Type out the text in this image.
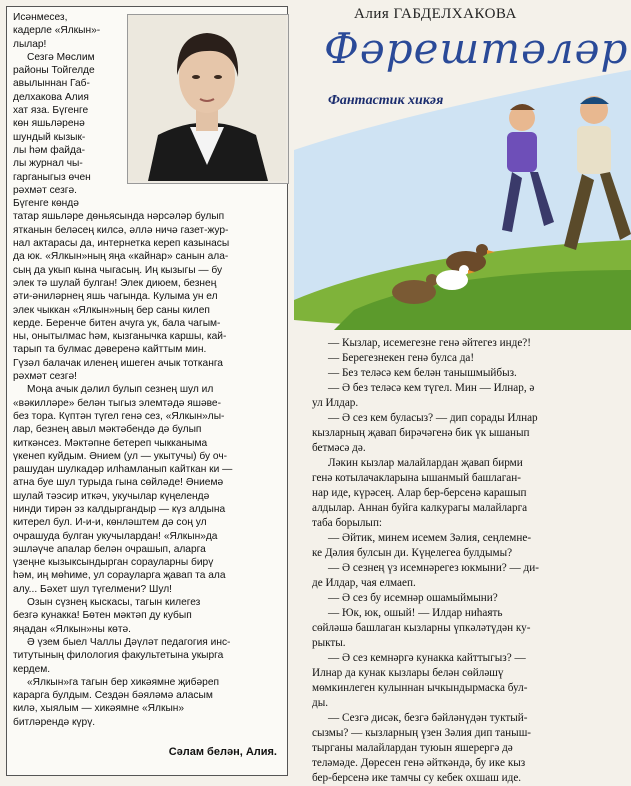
Исәнмесез,
кадерле «Ялкын»-
лылар!
Сезгә Мөслим
районы Тойгелде
авылыннан Габ-
делхакова Алия
хат яза. Бүгенге
көн яшьләренә
шундый кызык-
лы һәм файда-
лы журнал чы-
гарганыгыз өчен
рәхмәт сезгә.
Бүгенге көндә
татар яшьләре дөньясында нәрсәләр булып
ятканын беләсең килсә, әллә ничә газет-жур-
нал актарасы да, интернетка кереп казынасы
да юк. «Ялкын»ның яңа «кайнар» санын ала-
сың да укып кына чыгасың. Иң кызыгы — бу
элек тә шулай булган! Элек диюем, безнең
әти-әниләрнең яшь чагында. Кулыма ун ел
элек чыккан «Ялкын»ның бер саны килеп
керде. Беренче битен ачуга ук, бала чагым-
ны, онытылмас һәм, кызганычка каршы, кай-
тарып та булмас дәверенә кайттым мин.
Гүзәл балачак иленең ишеген ачык тотканга
рәхмәт сезгә!
Моңа ачык дәлил булып сезнең шул ил
«вәкилләре» белән тыгыз элемтәдә яшәве-
без тора. Күптән түгел генә сез, «Ялкын»лы-
лар, безнең авыл мәктәбендә дә булып
киткәнсез. Мәктәпне бетереп чыкканыма
үкенеп куйдым. Әнием (ул — укытучы) бу оч-
рашудан шулкадәр илһамланып кайткан ки —
атна буе шул турыда гына сөйләде! Әниемә
шулай тәэсир иткәч, укучылар күңелендә
нинди тирән эз калдыргандыр — күз алдына
китерел бул. И-и-и, көнләштем дә соң ул
очрашуда булган укучылардан! «Ялкын»да
эшләүче апалар белән очрашып, аларга
үзеңне кызыксындырган сорауларны бирү
һәм, иң мөһиме, ул сорауларга җавап та ала
алу... Бәхет шул түгелмени? Шул!
Озын сүзнең кыскасы, тагын килегез
безгә кунакка! Бөтен мәктәп ду кубып
яңадан «Ялкын»ны көтә.
Ә үзем быел Чаллы Дәүләт педагогия инс-
титутының филология факультетына укырга
кердем.
«Ялкын»га тагын бер хикәямне җибәреп
карарга булдым. Сездән бәяләмә аласым
килә, хыялым — хикәямне «Ялкын»
битләрендә күрү.
Сәлам белән, Алия.
Алия ГАБДЕЛХАКОВА
Фәрештәләр
Фантастик хикәя
— Кызлар, исемегезне генә әйтегез инде?!
— Берегезнекен генә булса да!
— Без теләсә кем белән танышмыйбыз.
— Ә без теләсә кем түгел. Мин — Илнар, ә
ул Илдар.
— Ә сез кем буласыз? — дип сорады Илнар
кызларның җавап бирәчәгенә бик үк ышанып
бетмәсә дә.
Ләкин кызлар малайлардан җавап бирми
генә котылачакларына ышанмый башлаган-
нар иде, күрәсең. Алар бер-берсенә карашып
алдылар. Аннан буйга калкурагы малайларга
таба борылып:
— Әйтик, минем исемем Зәлия, сеңлемне-
ке Дәлия булсын ди. Күңелегеа булдымы?
— Ә сезнең үз исемнәрегез юкмыни? — ди-
де Илдар, чая елмаеп.
— Ә сез бу исемнәр ошамыймыни?
— Юк, юк, ошый! — Илдар ниһаять
сөйләшә башлаган кызларны үпкәләтүдән ку-
рыкты.
— Ә сез кемнәргә кунакка кайттыгыз? —
Илнар да кунак кызлары белән сөйләшү
мөмкинлеген кулыннан ычкындырмаска бул-
ды.
— Сезгә дисәк, безгә бәйләнүдән туктый-
сызмы? — кызларның үзен Зәлия дип таныш-
тырганы малайлардан туюын яшерергә дә
теләмәде. Дөресен генә әйткәндә, бу ике кыз
бер-берсенә ике тамчы су кебек охшаш иде.
